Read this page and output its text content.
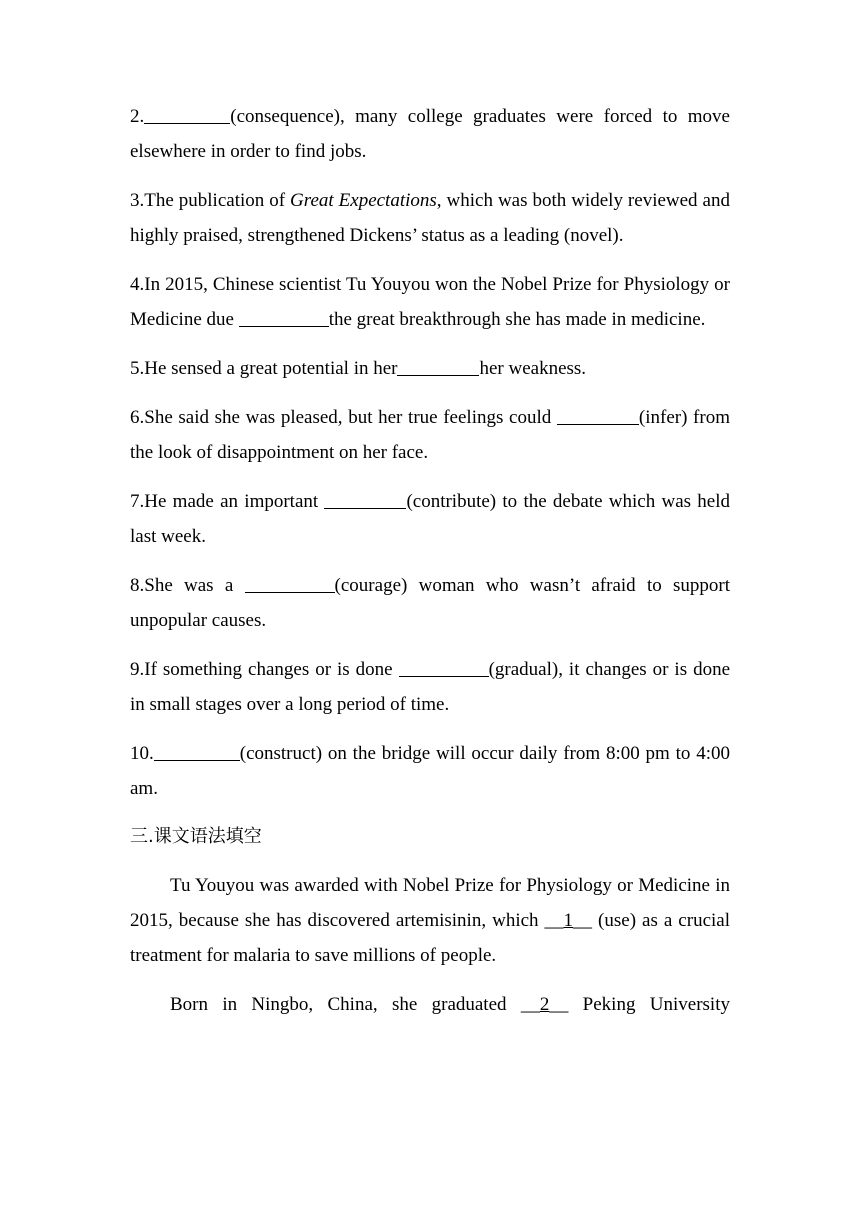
2.	(consequence), many college graduates were forced to move elsewhere in order to find jobs.

3.The publication of Great Expectations, which was both widely reviewed and highly praised, strengthened Dickens’ status as a leading (novel).

4.In 2015, Chinese scientist Tu Youyou won the Nobel Prize for Physiology or Medicine due	the great breakthrough she has made in medicine.

5.He sensed a great potential in her	her weakness.

6.She said she was pleased, but her true feelings could	(infer) from the look of disappointment on her face.

7.He made an important	(contribute) to the debate which was held last week.

8.She was a	(courage) woman who wasn’t afraid to support unpopular causes.

9.If something changes or is done	(gradual), it changes or is done in small stages over a long period of time.

10.	(construct) on the bridge will occur daily from 8:00 pm to 4:00 am.

三.课文语法填空

Tu Youyou was awarded with Nobel Prize for Physiology or Medicine in 2015, because she has discovered artemisinin, which __1__ (use) as a crucial treatment for malaria to save millions of people.

Born in Ningbo, China, she graduated __2__ Peking University
